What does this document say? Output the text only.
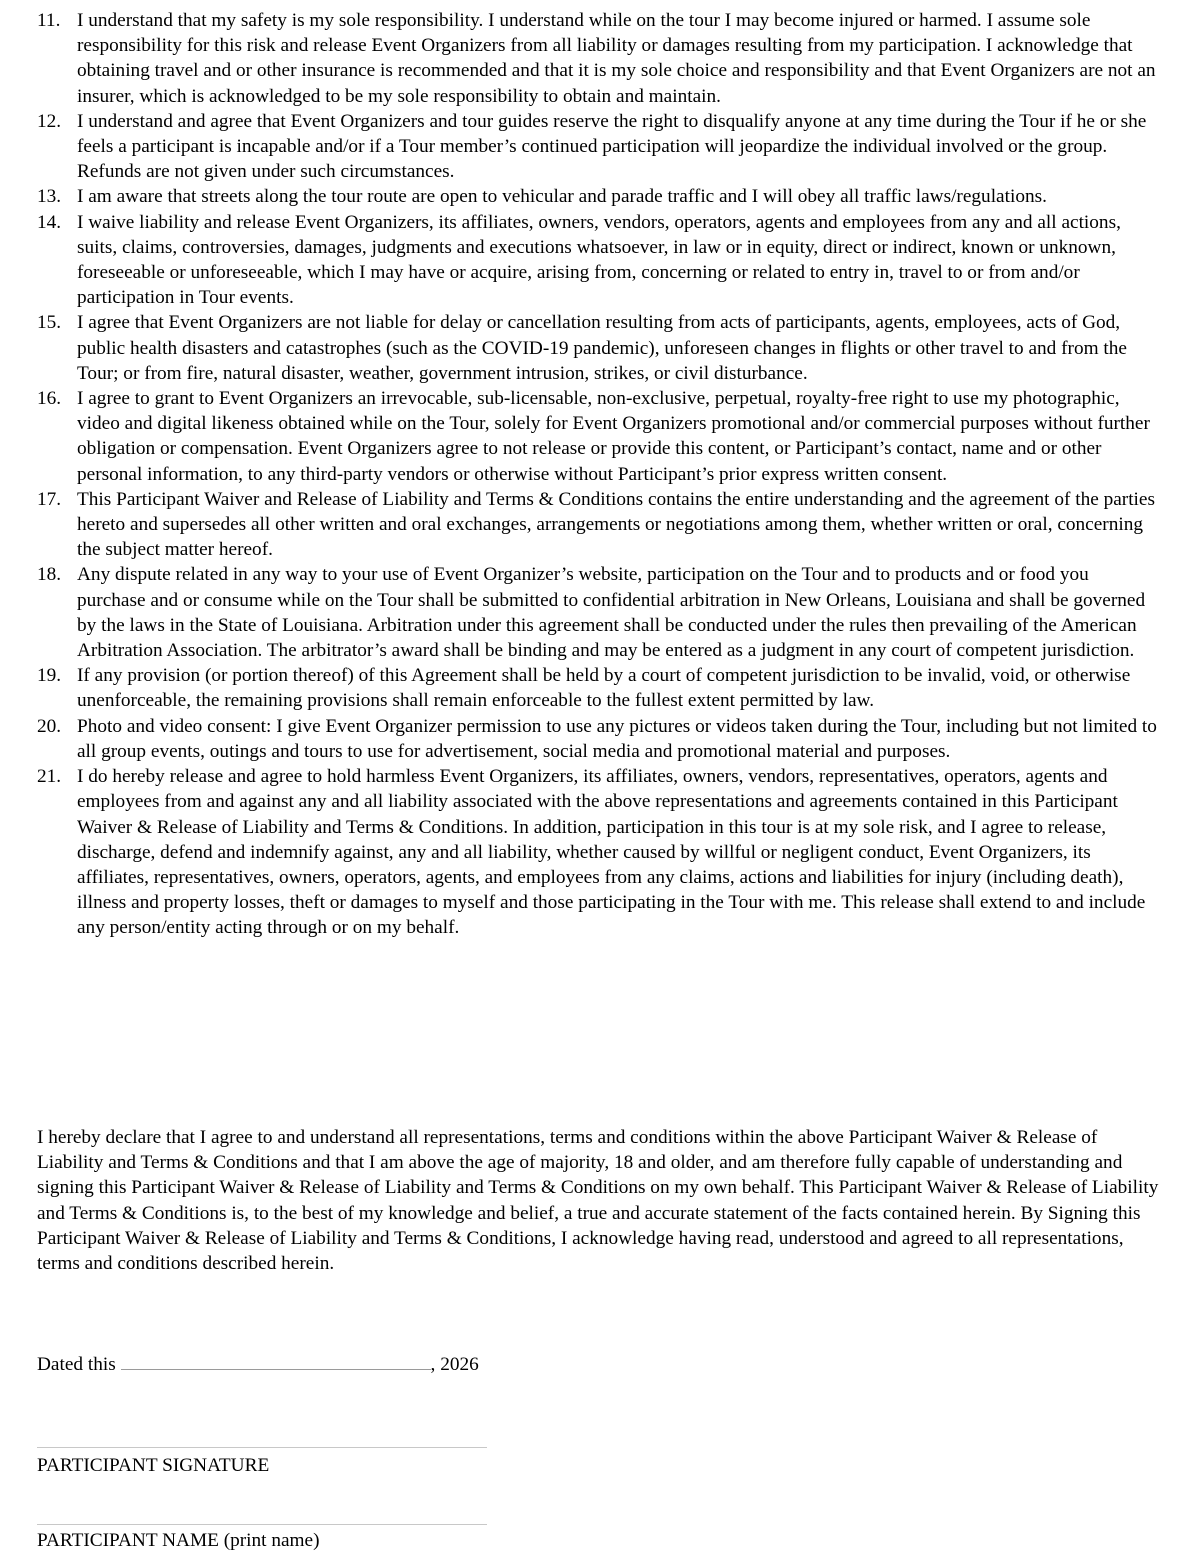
11. I understand that my safety is my sole responsibility. I understand while on the tour I may become injured or harmed. I assume sole responsibility for this risk and release Event Organizers from all liability or damages resulting from my participation. I acknowledge that obtaining travel and or other insurance is recommended and that it is my sole choice and responsibility and that Event Organizers are not an insurer, which is acknowledged to be my sole responsibility to obtain and maintain.
12. I understand and agree that Event Organizers and tour guides reserve the right to disqualify anyone at any time during the Tour if he or she feels a participant is incapable and/or if a Tour member’s continued participation will jeopardize the individual involved or the group. Refunds are not given under such circumstances.
13. I am aware that streets along the tour route are open to vehicular and parade traffic and I will obey all traffic laws/regulations.
14. I waive liability and release Event Organizers, its affiliates, owners, vendors, operators, agents and employees from any and all actions, suits, claims, controversies, damages, judgments and executions whatsoever, in law or in equity, direct or indirect, known or unknown, foreseeable or unforeseeable, which I may have or acquire, arising from, concerning or related to entry in, travel to or from and/or participation in Tour events.
15. I agree that Event Organizers are not liable for delay or cancellation resulting from acts of participants, agents, employees, acts of God, public health disasters and catastrophes (such as the COVID-19 pandemic), unforeseen changes in flights or other travel to and from the Tour; or from fire, natural disaster, weather, government intrusion, strikes, or civil disturbance.
16. I agree to grant to Event Organizers an irrevocable, sub-licensable, non-exclusive, perpetual, royalty-free right to use my photographic, video and digital likeness obtained while on the Tour, solely for Event Organizers promotional and/or commercial purposes without further obligation or compensation. Event Organizers agree to not release or provide this content, or Participant’s contact, name and or other personal information, to any third-party vendors or otherwise without Participant’s prior express written consent.
17. This Participant Waiver and Release of Liability and Terms & Conditions contains the entire understanding and the agreement of the parties hereto and supersedes all other written and oral exchanges, arrangements or negotiations among them, whether written or oral, concerning the subject matter hereof.
18. Any dispute related in any way to your use of Event Organizer’s website, participation on the Tour and to products and or food you purchase and or consume while on the Tour shall be submitted to confidential arbitration in New Orleans, Louisiana and shall be governed by the laws in the State of Louisiana. Arbitration under this agreement shall be conducted under the rules then prevailing of the American Arbitration Association. The arbitrator’s award shall be binding and may be entered as a judgment in any court of competent jurisdiction.
19. If any provision (or portion thereof) of this Agreement shall be held by a court of competent jurisdiction to be invalid, void, or otherwise unenforceable, the remaining provisions shall remain enforceable to the fullest extent permitted by law.
20. Photo and video consent: I give Event Organizer permission to use any pictures or videos taken during the Tour, including but not limited to all group events, outings and tours to use for advertisement, social media and promotional material and purposes.
21. I do hereby release and agree to hold harmless Event Organizers, its affiliates, owners, vendors, representatives, operators, agents and employees from and against any and all liability associated with the above representations and agreements contained in this Participant Waiver & Release of Liability and Terms & Conditions. In addition, participation in this tour is at my sole risk, and I agree to release, discharge, defend and indemnify against, any and all liability, whether caused by willful or negligent conduct, Event Organizers, its affiliates, representatives, owners, operators, agents, and employees from any claims, actions and liabilities for injury (including death), illness and property losses, theft or damages to myself and those participating in the Tour with me. This release shall extend to and include any person/entity acting through or on my behalf.

I hereby declare that I agree to and understand all representations, terms and conditions within the above Participant Waiver & Release of Liability and Terms & Conditions and that I am above the age of majority, 18 and older, and am therefore fully capable of understanding and signing this Participant Waiver & Release of Liability and Terms & Conditions on my own behalf. This Participant Waiver & Release of Liability and Terms & Conditions is, to the best of my knowledge and belief, a true and accurate statement of the facts contained herein. By Signing this Participant Waiver & Release of Liability and Terms & Conditions, I acknowledge having read, understood and agreed to all representations, terms and conditions described herein.

Dated this	, 2026
PARTICIPANT SIGNATURE
PARTICIPANT NAME (print name)
